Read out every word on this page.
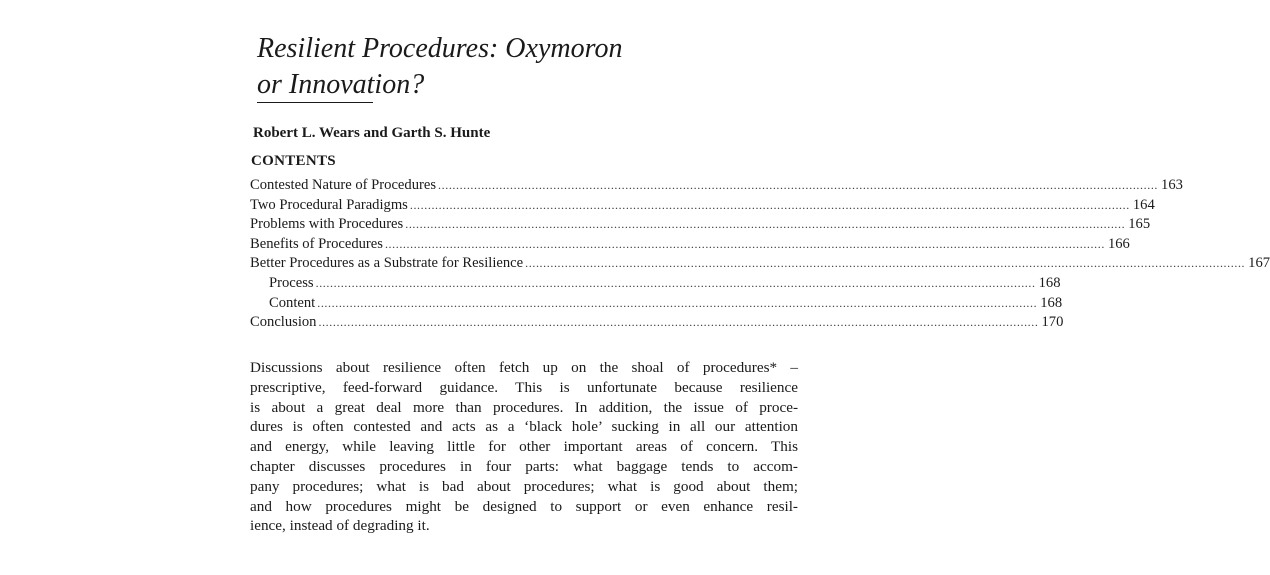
Resilient Procedures: Oxymoron
or Innovation?
Robert L. Wears and Garth S. Hunte
CONTENTS
Contested Nature of Procedures ........................................................................................................................................................................................................ 163
Two Procedural Paradigms ........................................................................................................................................................................................................ 164
Problems with Procedures ........................................................................................................................................................................................................ 165
Benefits of Procedures ........................................................................................................................................................................................................ 166
Better Procedures as a Substrate for Resilience ........................................................................................................................................................................................................ 167
Process ........................................................................................................................................................................................................ 168
Content ........................................................................................................................................................................................................ 168
Conclusion ........................................................................................................................................................................................................ 170

Discussions about resilience often fetch up on the shoal of procedures* –
prescriptive, feed-forward guidance. This is unfortunate because resilience
is about a great deal more than procedures. In addition, the issue of proce-
dures is often contested and acts as a ‘black hole’ sucking in all our attention
and energy, while leaving little for other important areas of concern. This
chapter discusses procedures in four parts: what baggage tends to accom-
pany procedures; what is bad about procedures; what is good about them;
and how procedures might be designed to support or even enhance resil-
ience, instead of degrading it.
